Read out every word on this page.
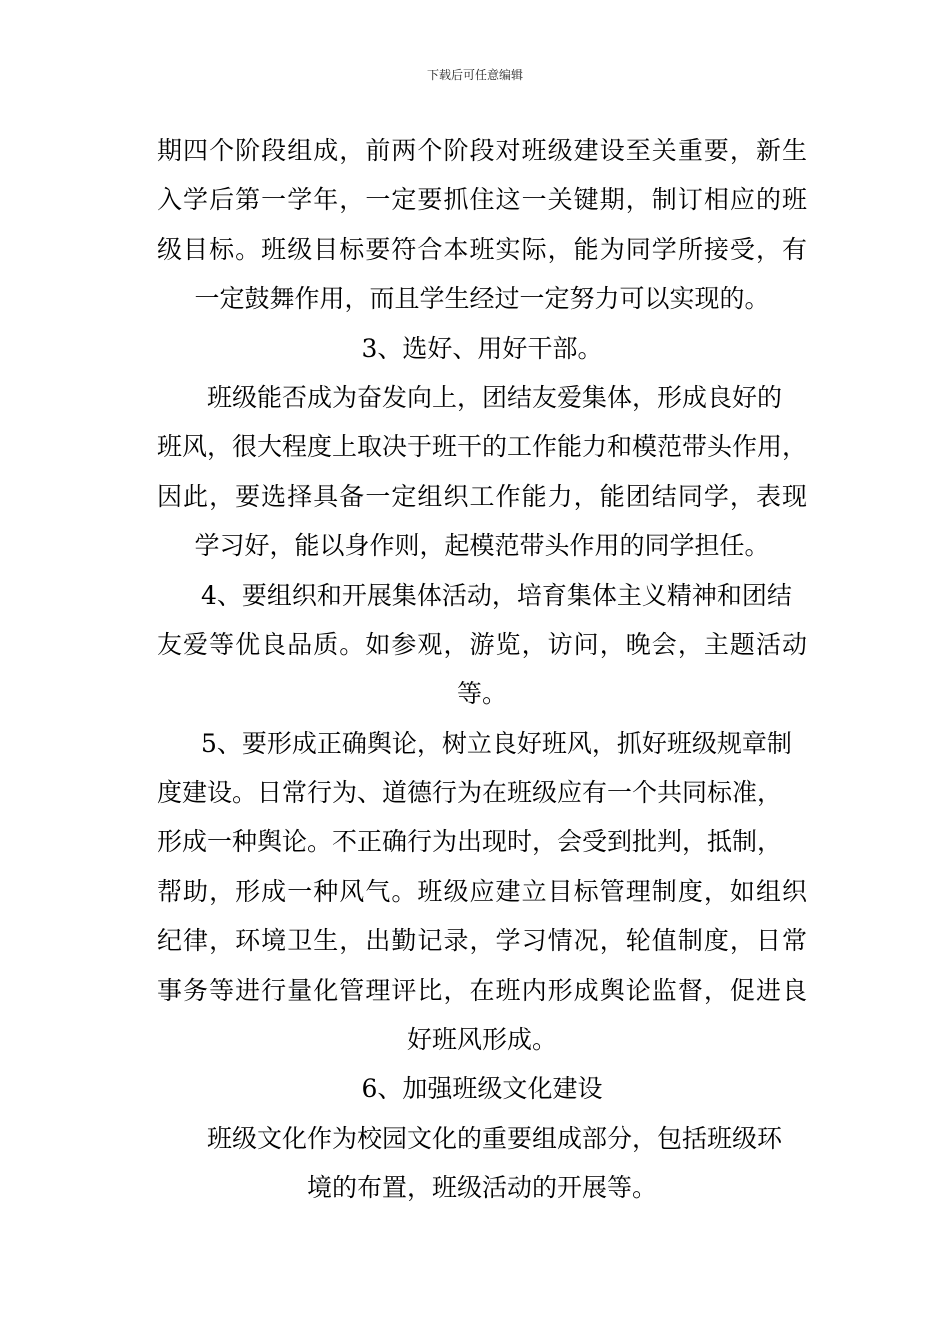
下载后可任意编辑
期四个阶段组成，前两个阶段对班级建设至关重要，新生
入学后第一学年，一定要抓住这一关键期，制订相应的班
级目标。班级目标要符合本班实际，能为同学所接受，有
一定鼓舞作用，而且学生经过一定努力可以实现的。
3、选好、用好干部。
班级能否成为奋发向上，团结友爱集体，形成良好的
班风，很大程度上取决于班干的工作能力和模范带头作用，
因此，要选择具备一定组织工作能力，能团结同学，表现
学习好，能以身作则，起模范带头作用的同学担任。
4、要组织和开展集体活动，培育集体主义精神和团结
友爱等优良品质。如参观，游览，访问，晚会，主题活动
等。
5、要形成正确舆论，树立良好班风，抓好班级规章制
度建设。日常行为、道德行为在班级应有一个共同标准，
形成一种舆论。不正确行为出现时，会受到批判，抵制，
帮助，形成一种风气。班级应建立目标管理制度，如组织
纪律，环境卫生，出勤记录，学习情况，轮值制度，日常
事务等进行量化管理评比，在班内形成舆论监督，促进良
好班风形成。
6、加强班级文化建设
班级文化作为校园文化的重要组成部分，包括班级环
境的布置，班级活动的开展等。
